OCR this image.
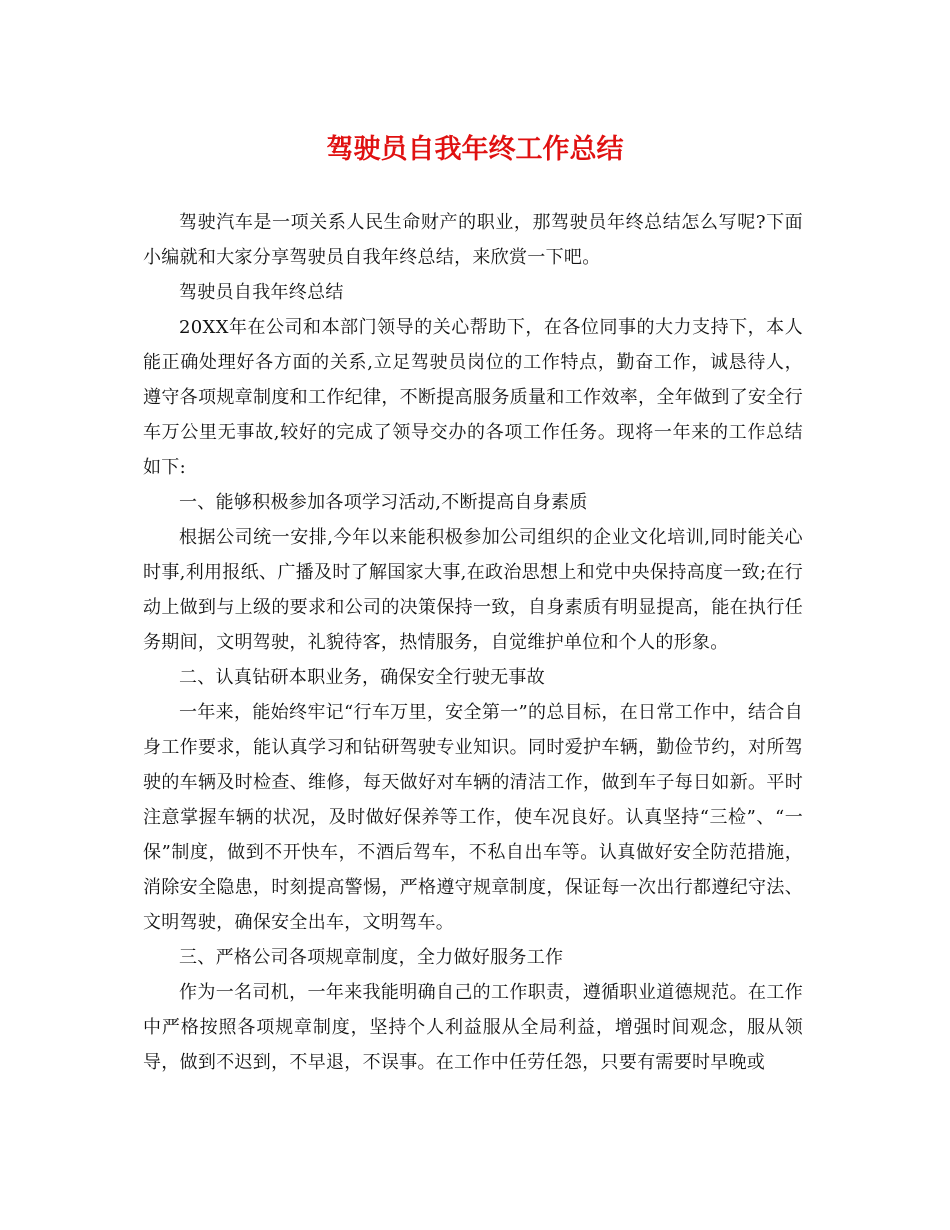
驾驶员自我年终工作总结

驾驶汽车是一项关系人民生命财产的职业，那驾驶员年终总结怎么写呢?下面小编就和大家分享驾驶员自我年终总结，来欣赏一下吧。

驾驶员自我年终总结

20XX年在公司和本部门领导的关心帮助下，在各位同事的大力支持下，本人能正确处理好各方面的关系,立足驾驶员岗位的工作特点，勤奋工作，诚恳待人，遵守各项规章制度和工作纪律，不断提高服务质量和工作效率，全年做到了安全行车万公里无事故,较好的完成了领导交办的各项工作任务。现将一年来的工作总结如下:

一、能够积极参加各项学习活动,不断提高自身素质

根据公司统一安排,今年以来能积极参加公司组织的企业文化培训,同时能关心时事,利用报纸、广播及时了解国家大事,在政治思想上和党中央保持高度一致;在行动上做到与上级的要求和公司的决策保持一致，自身素质有明显提高，能在执行任务期间，文明驾驶，礼貌待客，热情服务，自觉维护单位和个人的形象。

二、认真钻研本职业务，确保安全行驶无事故

一年来，能始终牢记“行车万里，安全第一”的总目标，在日常工作中，结合自身工作要求，能认真学习和钻研驾驶专业知识。同时爱护车辆，勤俭节约，对所驾驶的车辆及时检查、维修，每天做好对车辆的清洁工作，做到车子每日如新。平时注意掌握车辆的状况，及时做好保养等工作，使车况良好。认真坚持“三检”、“一保”制度，做到不开快车，不酒后驾车，不私自出车等。认真做好安全防范措施，消除安全隐患，时刻提高警惕，严格遵守规章制度，保证每一次出行都遵纪守法、文明驾驶，确保安全出车，文明驾车。

三、严格公司各项规章制度，全力做好服务工作

作为一名司机，一年来我能明确自己的工作职责，遵循职业道德规范。在工作中严格按照各项规章制度，坚持个人利益服从全局利益，增强时间观念，服从领导，做到不迟到，不早退，不误事。在工作中任劳任怨，只要有需要时早晚或
